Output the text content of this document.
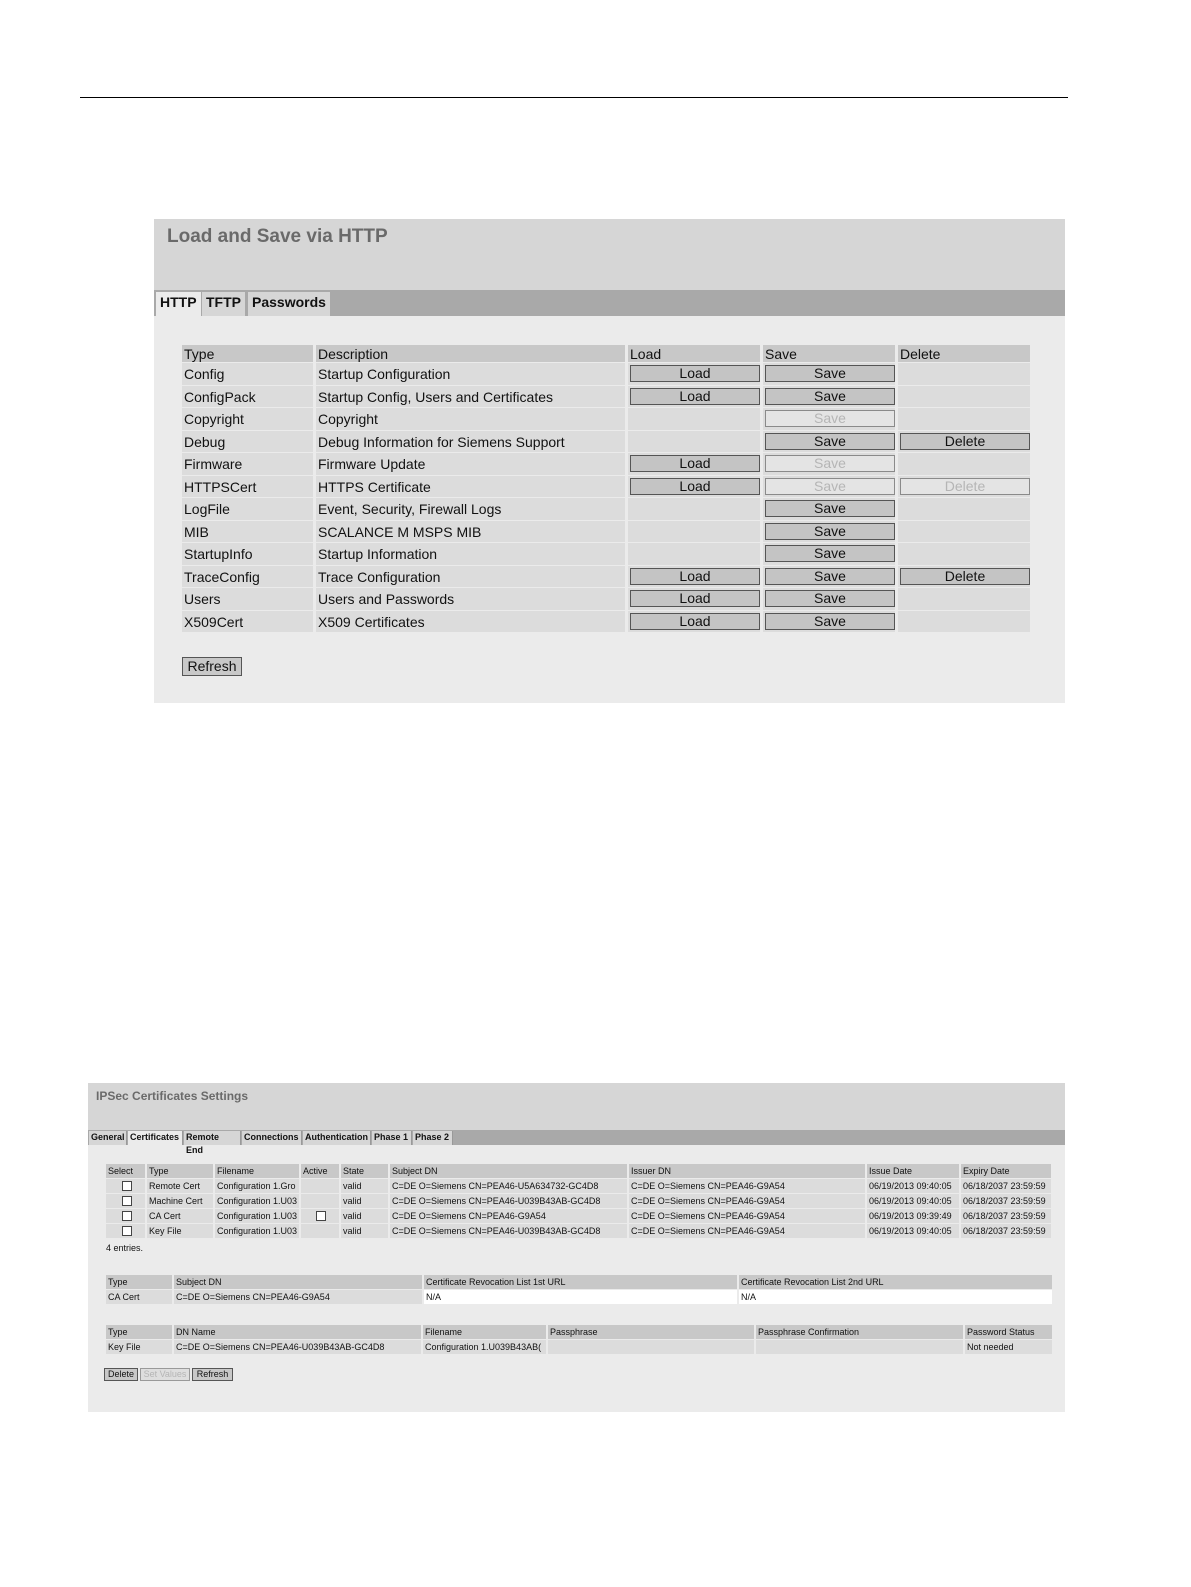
Load and Save via HTTP
HTTP TFTP Passwords
Type	Description	Load	Save	Delete
Config	Startup Configuration	Load	Save	

ConfigPack	Startup Config, Users and Certificates	Load	Save	

Copyright	Copyright		Save	

Debug	Debug Information for Siemens Support		Save	Delete

Firmware	Firmware Update	Load	Save	

HTTPSCert	HTTPS Certificate	Load	Save	Delete

LogFile	Event, Security, Firewall Logs		Save	

MIB	SCALANCE M MSPS MIB		Save	

StartupInfo	Startup Information		Save	

TraceConfig	Trace Configuration	Load	Save	Delete

Users	Users and Passwords	Load	Save	

X509Cert	X509 Certificates	Load	Save	

Refresh
IPSec Certificates Settings
General Certificates Remote End
Connections Authentication Phase 1 Phase 2
Select	Type	Filename	Active	State	Subject DN	Issuer DN	Issue Date	Expiry Date
	Remote Cert	Configuration 1.Gro		valid	C=DE O=Siemens CN=PEA46-U5A634732-GC4D8	C=DE O=Siemens CN=PEA46-G9A54	06/19/2013 09:40:05	06/18/2037 23:59:59
	Machine Cert	Configuration 1.U03		valid	C=DE O=Siemens CN=PEA46-U039B43AB-GC4D8	C=DE O=Siemens CN=PEA46-G9A54	06/19/2013 09:40:05	06/18/2037 23:59:59
	CA Cert	Configuration 1.U03		valid	C=DE O=Siemens CN=PEA46-G9A54	C=DE O=Siemens CN=PEA46-G9A54	06/19/2013 09:39:49	06/18/2037 23:59:59
	Key File	Configuration 1.U03		valid	C=DE O=Siemens CN=PEA46-U039B43AB-GC4D8	C=DE O=Siemens CN=PEA46-G9A54	06/19/2013 09:40:05	06/18/2037 23:59:59
4 entries.
Type	Subject DN	Certificate Revocation List 1st URL	Certificate Revocation List 2nd URL
CA Cert	C=DE O=Siemens CN=PEA46-G9A54	N/A	N/A
Type	DN Name	Filename	Passphrase	Passphrase Confirmation	Password Status
Key File	C=DE O=Siemens CN=PEA46-U039B43AB-GC4D8	Configuration 1.U039B43AB(			Not needed
Delete	Set Values	Refresh
